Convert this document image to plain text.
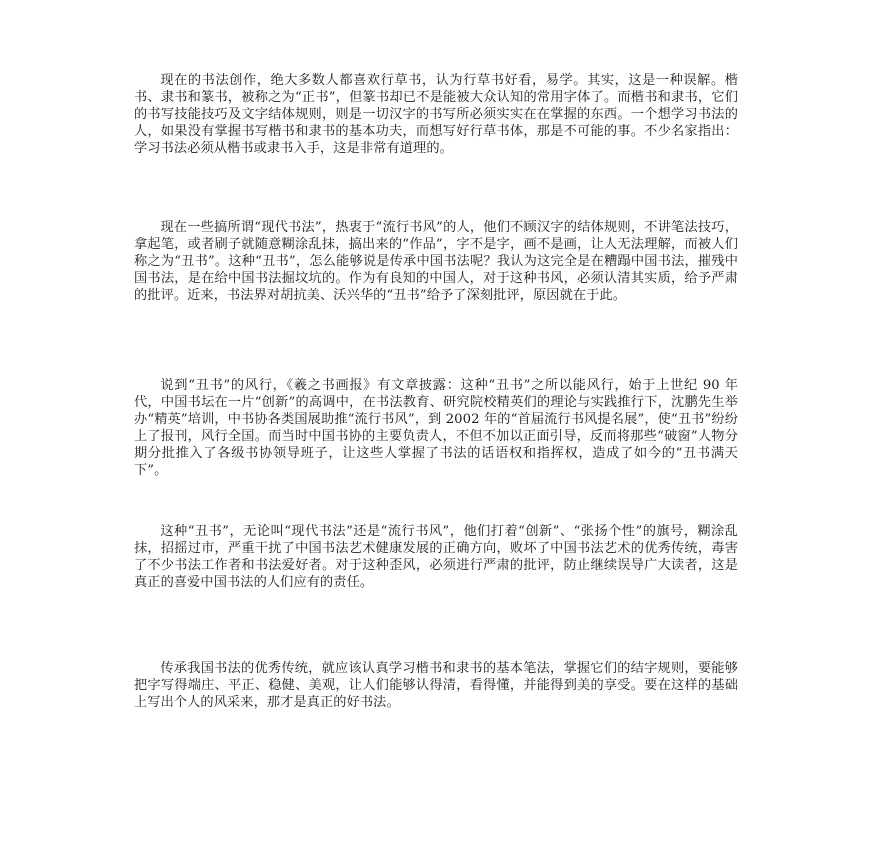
现在的书法创作，绝大多数人都喜欢行草书，认为行草书好看，易学。其实，这是一种误解。楷书、隶书和篆书，被称之为“正书”，但篆书却已不是能被大众认知的常用字体了。而楷书和隶书，它们的书写技能技巧及文字结体规则，则是一切汉字的书写所必须实实在在掌握的东西。一个想学习书法的人，如果没有掌握书写楷书和隶书的基本功夫，而想写好行草书体，那是不可能的事。不少名家指出：学习书法必须从楷书或隶书入手，这是非常有道理的。

现在一些搞所谓“现代书法”，热衷于“流行书风”的人，他们不顾汉字的结体规则，不讲笔法技巧，拿起笔，或者刷子就随意糊涂乱抹，搞出来的“作品”，字不是字，画不是画，让人无法理解，而被人们称之为“丑书”。这种“丑书”，怎么能够说是传承中国书法呢？我认为这完全是在糟蹋中国书法，摧残中国书法，是在给中国书法掘坟坑的。作为有良知的中国人，对于这种书风，必须认清其实质，给予严肃的批评。近来，书法界对胡抗美、沃兴华的“丑书”给予了深刻批评，原因就在于此。

说到“丑书”的风行，《羲之书画报》有文章披露：这种“丑书”之所以能风行，始于上世纪 90 年代，中国书坛在一片“创新”的高调中，在书法教育、研究院校精英们的理论与实践推行下，沈鹏先生举办“精英”培训，中书协各类国展助推“流行书风”，到 2002 年的“首届流行书风提名展”，使“丑书”纷纷上了报刊，风行全国。而当时中国书协的主要负责人，不但不加以正面引导，反而将那些“破窗”人物分期分批推入了各级书协领导班子，让这些人掌握了书法的话语权和指挥权，造成了如今的“丑书满天下”。

这种“丑书”，无论叫“现代书法”还是“流行书风”，他们打着“创新”、“张扬个性”的旗号，糊涂乱抹，招摇过市，严重干扰了中国书法艺术健康发展的正确方向，败坏了中国书法艺术的优秀传统，毒害了不少书法工作者和书法爱好者。对于这种歪风，必须进行严肃的批评，防止继续误导广大读者，这是真正的喜爱中国书法的人们应有的责任。

传承我国书法的优秀传统，就应该认真学习楷书和隶书的基本笔法，掌握它们的结字规则，要能够把字写得端庄、平正、稳健、美观，让人们能够认得清，看得懂，并能得到美的享受。要在这样的基础上写出个人的风采来，那才是真正的好书法。
